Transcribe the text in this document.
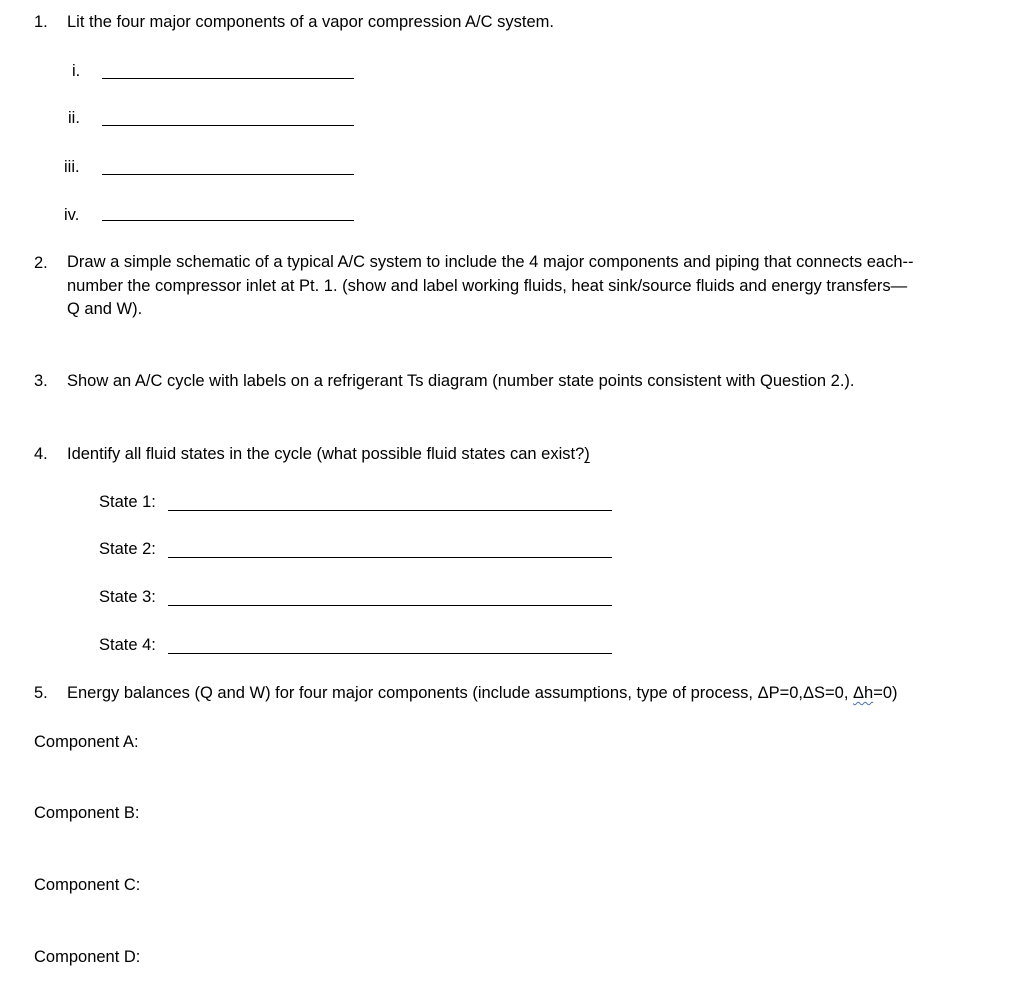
1. Lit the four major components of a vapor compression A/C system.
i.
ii.
iii.
iv.
2. Draw a simple schematic of a typical A/C system to include the 4 major components and piping that connects each--
number the compressor inlet at Pt. 1. (show and label working fluids, heat sink/source fluids and energy transfers—
Q and W).
3. Show an A/C cycle with labels on a refrigerant Ts diagram (number state points consistent with Question 2.).
4. Identify all fluid states in the cycle (what possible fluid states can exist?)
State 1:
State 2:
State 3:
State 4:
5. Energy balances (Q and W) for four major components (include assumptions, type of process, ΔP=0,ΔS=0, Δh=0)
Component A:
Component B:
Component C:
Component D:
